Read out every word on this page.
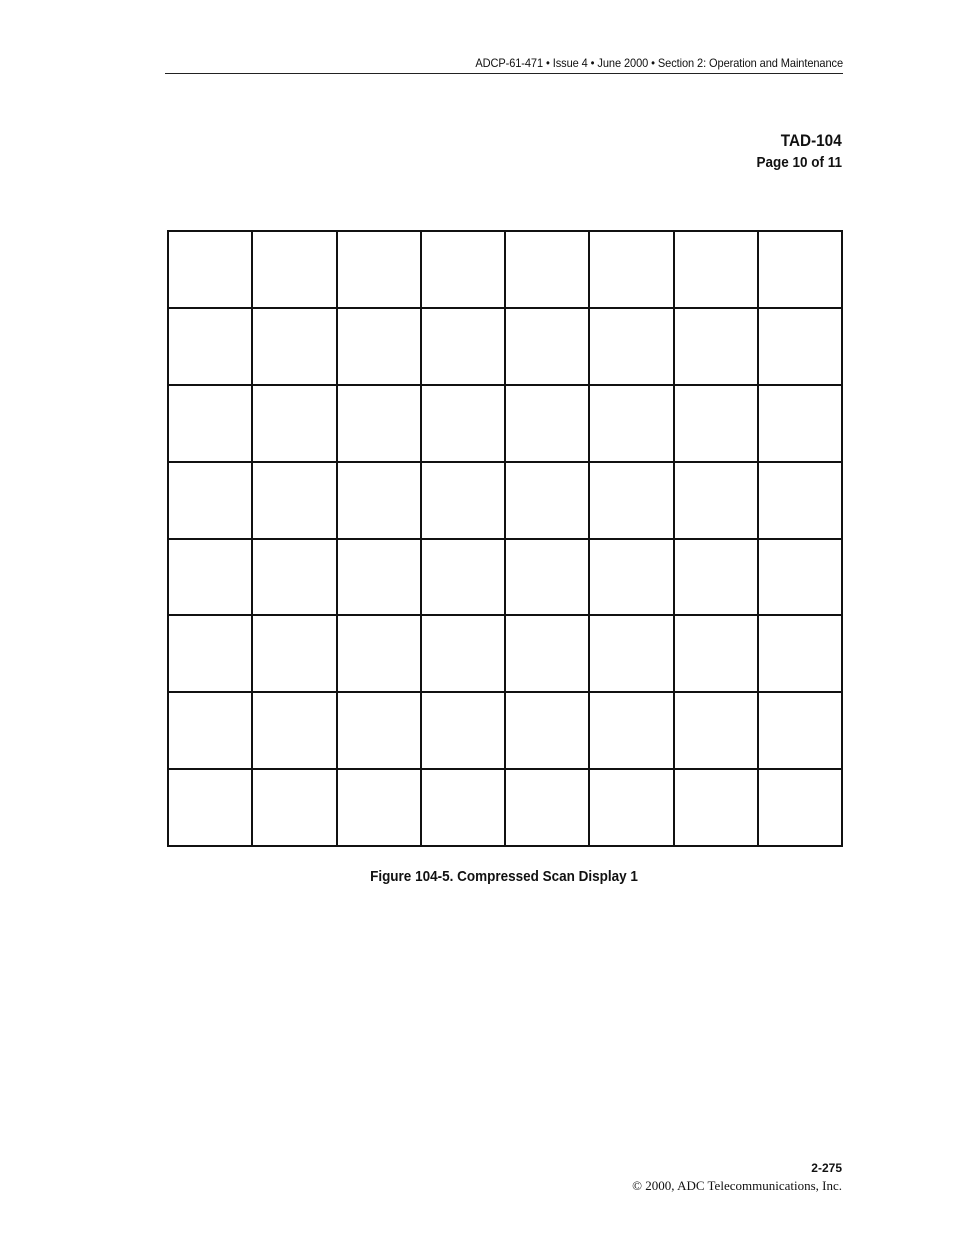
ADCP-61-471 • Issue 4 • June 2000 • Section 2: Operation and Maintenance
TAD-104
Page 10 of 11

Figure 104-5. Compressed Scan Display 1
2-275
© 2000, ADC Telecommunications, Inc.
